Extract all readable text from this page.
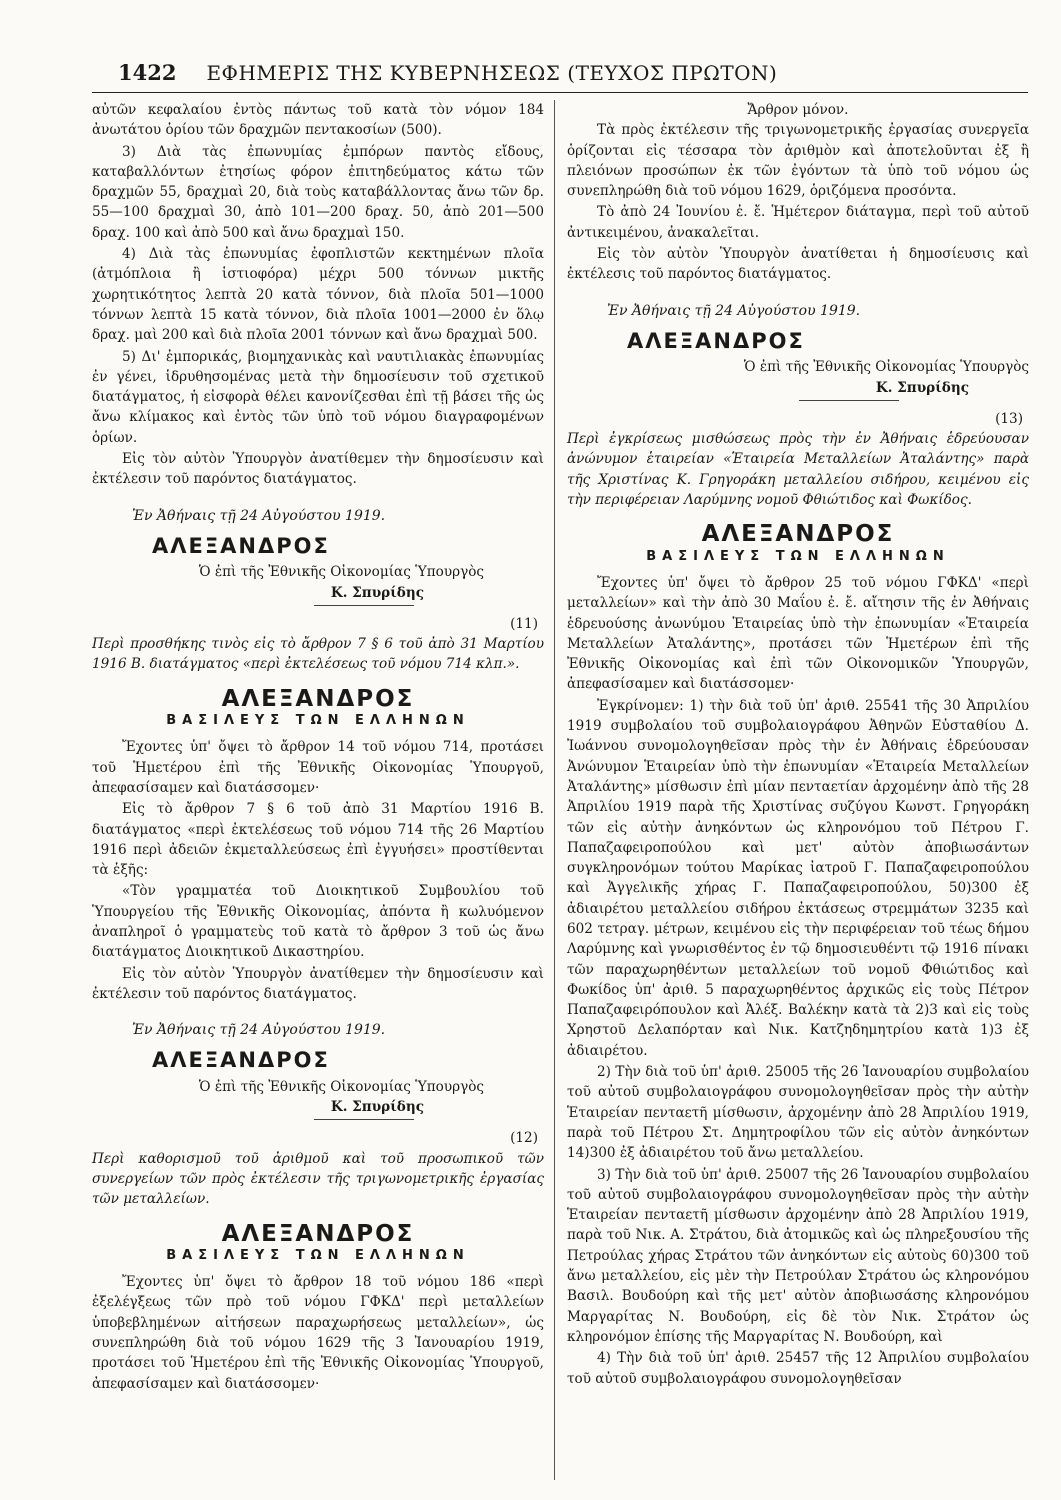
1422 ΕΦΗΜΕΡΙΣ ΤΗΣ ΚΥΒΕΡΝΗΣΕΩΣ (ΤΕΥΧΟΣ ΠΡΩΤΟΝ)

αὐτῶν κεφαλαίου ἐντὸς πάντως τοῦ κατὰ τὸν νόμον 184 ἀνωτάτου ὁρίου τῶν δραχμῶν πεντακοσίων (500).

3) Διὰ τὰς ἐπωνυμίας ἐμπόρων παντὸς εἴδους, καταβαλλόντων ἐτησίως φόρον ἐπιτηδεύματος κάτω τῶν δραχμῶν 55, δραχμαὶ 20, διὰ τοὺς καταβάλλοντας ἄνω τῶν δρ. 55—100 δραχμαὶ 30, ἀπὸ 101—200 δραχ. 50, ἀπὸ 201—500 δραχ. 100 καὶ ἀπὸ 500 καὶ ἄνω δραχμαὶ 150.

4) Διὰ τὰς ἐπωνυμίας ἐφοπλιστῶν κεκτημένων πλοῖα (ἀτμόπλοια ἢ ἱστιοφόρα) μέχρι 500 τόννων μικτῆς χωρητικότητος λεπτὰ 20 κατὰ τόννον, διὰ πλοῖα 501—1000 τόννων λεπτὰ 15 κατὰ τόννον, διὰ πλοῖα 1001—2000 ἐν ὅλῳ δραχ. μαὶ 200 καὶ διὰ πλοῖα 2001 τόννων καὶ ἄνω δραχμαὶ 500.

5) Δι' ἐμπορικάς, βιομηχανικὰς καὶ ναυτιλιακὰς ἐπωνυμίας ἐν γένει, ἱδρυθησομένας μετὰ τὴν δημοσίευσιν τοῦ σχετικοῦ διατάγματος, ἡ εἰσφορὰ θέλει κανονίζεσθαι ἐπὶ τῇ βάσει τῆς ὡς ἄνω κλίμακος καὶ ἐντὸς τῶν ὑπὸ τοῦ νόμου διαγραφομένων ὁρίων.

Εἰς τὸν αὐτὸν Ὑπουργὸν ἀνατίθεμεν τὴν δημοσίευσιν καὶ ἐκτέλεσιν τοῦ παρόντος διατάγματος.

Ἐν Ἀθήναις τῇ 24 Αὐγούστου 1919.
ΑΛΕΞΑΝΔΡΟΣ
Ὁ ἐπὶ τῆς Ἐθνικῆς Οἰκονομίας Ὑπουργὸς
Κ. Σπυρίδης
(11)

Περὶ προσθήκης τινὸς εἰς τὸ ἄρθρον 7 § 6 τοῦ ἀπὸ 31 Μαρτίου 1916 Β. διατάγματος «περὶ ἐκτελέσεως τοῦ νόμου 714 κλπ.».

ΑΛΕΞΑΝΔΡΟΣ
ΒΑΣΙΛΕΥΣ ΤΩΝ ΕΛΛΗΝΩΝ

Ἔχοντες ὑπ' ὄψει τὸ ἄρθρον 14 τοῦ νόμου 714, προτάσει τοῦ Ἡμετέρου ἐπὶ τῆς Ἐθνικῆς Οἰκονομίας Ὑπουργοῦ, ἀπεφασίσαμεν καὶ διατάσσομεν·

Εἰς τὸ ἄρθρον 7 § 6 τοῦ ἀπὸ 31 Μαρτίου 1916 Β. διατάγματος «περὶ ἐκτελέσεως τοῦ νόμου 714 τῆς 26 Μαρτίου 1916 περὶ ἀδειῶν ἐκμεταλλεύσεως ἐπὶ ἐγγυήσει» προστίθενται τὰ ἑξῆς:

«Τὸν γραμματέα τοῦ Διοικητικοῦ Συμβουλίου τοῦ Ὑπουργείου τῆς Ἐθνικῆς Οἰκονομίας, ἀπόντα ἢ κωλυόμενον ἀναπληροῖ ὁ γραμματεὺς τοῦ κατὰ τὸ ἄρθρον 3 τοῦ ὡς ἄνω διατάγματος Διοικητικοῦ Δικαστηρίου.

Εἰς τὸν αὐτὸν Ὑπουργὸν ἀνατίθεμεν τὴν δημοσίευσιν καὶ ἐκτέλεσιν τοῦ παρόντος διατάγματος.

Ἐν Ἀθήναις τῇ 24 Αὐγούστου 1919.
ΑΛΕΞΑΝΔΡΟΣ
Ὁ ἐπὶ τῆς Ἐθνικῆς Οἰκονομίας Ὑπουργὸς
Κ. Σπυρίδης
(12)

Περὶ καθορισμοῦ τοῦ ἀριθμοῦ καὶ τοῦ προσωπικοῦ τῶν συνεργείων τῶν πρὸς ἐκτέλεσιν τῆς τριγωνομετρικῆς ἐργασίας τῶν μεταλλείων.

ΑΛΕΞΑΝΔΡΟΣ
ΒΑΣΙΛΕΥΣ ΤΩΝ ΕΛΛΗΝΩΝ

Ἔχοντες ὑπ' ὄψει τὸ ἄρθρον 18 τοῦ νόμου 186 «περὶ ἐξελέγξεως τῶν πρὸ τοῦ νόμου ΓΦΚΔ' περὶ μεταλλείων ὑποβεβλημένων αἰτήσεων παραχωρήσεως μεταλλείων», ὡς συνεπληρώθη διὰ τοῦ νόμου 1629 τῆς 3 Ἰανουαρίου 1919, προτάσει τοῦ Ἡμετέρου ἐπὶ τῆς Ἐθνικῆς Οἰκονομίας Ὑπουργοῦ, ἀπεφασίσαμεν καὶ διατάσσομεν·

Ἄρθρον μόνον.

Τὰ πρὸς ἐκτέλεσιν τῆς τριγωνομετρικῆς ἐργασίας συνεργεῖα ὁρίζονται εἰς τέσσαρα τὸν ἀριθμὸν καὶ ἀποτελοῦνται ἐξ ἢ πλειόνων προσώπων ἐκ τῶν ἐγόντων τὰ ὑπὸ τοῦ νόμου ὡς συνεπληρώθη διὰ τοῦ νόμου 1629, ὁριζόμενα προσόντα.

Τὸ ἀπὸ 24 Ἰουνίου ἐ. ἔ. Ἡμέτερον διάταγμα, περὶ τοῦ αὐτοῦ ἀντικειμένου, ἀνακαλεῖται.

Εἰς τὸν αὐτὸν Ὑπουργὸν ἀνατίθεται ἡ δημοσίευσις καὶ ἐκτέλεσις τοῦ παρόντος διατάγματος.

Ἐν Ἀθήναις τῇ 24 Αὐγούστου 1919.
ΑΛΕΞΑΝΔΡΟΣ
Ὁ ἐπὶ τῆς Ἐθνικῆς Οἰκονομίας Ὑπουργὸς
Κ. Σπυρίδης
(13)

Περὶ ἐγκρίσεως μισθώσεως πρὸς τὴν ἐν Ἀθήναις ἑδρεύουσαν ἀνώνυμον ἑταιρείαν «Ἑταιρεία Μεταλλείων Ἀταλάντης» παρὰ τῆς Χριστίνας Κ. Γρηγοράκη μεταλλείου σιδήρου, κειμένου εἰς τὴν περιφέρειαν Λαρύμνης νομοῦ Φθιώτιδος καὶ Φωκίδος.

ΑΛΕΞΑΝΔΡΟΣ
ΒΑΣΙΛΕΥΣ ΤΩΝ ΕΛΛΗΝΩΝ

Ἔχοντες ὑπ' ὄψει τὸ ἄρθρον 25 τοῦ νόμου ΓΦΚΔ' «περὶ μεταλλείων» καὶ τὴν ἀπὸ 30 Μαΐου ἐ. ἔ. αἴτησιν τῆς ἐν Ἀθήναις ἑδρευούσης ἀνωνύμου Ἑταιρείας ὑπὸ τὴν ἐπωνυμίαν «Ἑταιρεία Μεταλλείων Ἀταλάντης», προτάσει τῶν Ἡμετέρων ἐπὶ τῆς Ἐθνικῆς Οἰκονομίας καὶ ἐπὶ τῶν Οἰκονομικῶν Ὑπουργῶν, ἀπεφασίσαμεν καὶ διατάσσομεν·

Ἐγκρίνομεν: 1) τὴν διὰ τοῦ ὑπ' ἀριθ. 25541 τῆς 30 Ἀπριλίου 1919 συμβολαίου τοῦ συμβολαιογράφου Ἀθηνῶν Εὐσταθίου Δ. Ἰωάννου συνομολογηθεῖσαν πρὸς τὴν ἐν Ἀθήναις ἑδρεύουσαν Ἀνώνυμον Ἑταιρείαν ὑπὸ τὴν ἐπωνυμίαν «Ἑταιρεία Μεταλλείων Ἀταλάντης» μίσθωσιν ἐπὶ μίαν πενταετίαν ἀρχομένην ἀπὸ τῆς 28 Ἀπριλίου 1919 παρὰ τῆς Χριστίνας συζύγου Κωνστ. Γρηγοράκη τῶν εἰς αὐτὴν ἀνηκόντων ὡς κληρονόμου τοῦ Πέτρου Γ. Παπαζαφειροπούλου καὶ μετ' αὐτὸν ἀποβιωσάντων συγκληρονόμων τούτου Μαρίκας ἰατροῦ Γ. Παπαζαφειροπούλου καὶ Ἀγγελικῆς χήρας Γ. Παπαζαφειροπούλου, 50)300 ἐξ ἀδιαιρέτου μεταλλείου σιδήρου ἐκτάσεως στρεμμάτων 3235 καὶ 602 τετραγ. μέτρων, κειμένου εἰς τὴν περιφέρειαν τοῦ τέως δήμου Λαρύμνης καὶ γνωρισθέντος ἐν τῷ δημοσιευθέντι τῷ 1916 πίνακι τῶν παραχωρηθέντων μεταλλείων τοῦ νομοῦ Φθιώτιδος καὶ Φωκίδος ὑπ' ἀριθ. 5 παραχωρηθέντος ἀρχικῶς εἰς τοὺς Πέτρον Παπαζαφειρόπουλον καὶ Ἀλέξ. Βαλέκην κατὰ τὰ 2)3 καὶ εἰς τοὺς Χρηστοῦ Δελαπόρταν καὶ Νικ. Κατζηδημητρίου κατὰ 1)3 ἐξ ἀδιαιρέτου.

2) Τὴν διὰ τοῦ ὑπ' ἀριθ. 25005 τῆς 26 Ἰανουαρίου συμβολαίου τοῦ αὐτοῦ συμβολαιογράφου συνομολογηθεῖσαν πρὸς τὴν αὐτὴν Ἑταιρείαν πενταετῆ μίσθωσιν, ἀρχομένην ἀπὸ 28 Ἀπριλίου 1919, παρὰ τοῦ Πέτρου Στ. Δημητροφίλου τῶν εἰς αὐτὸν ἀνηκόντων 14)300 ἐξ ἀδιαιρέτου τοῦ ἄνω μεταλλείου.

3) Τὴν διὰ τοῦ ὑπ' ἀριθ. 25007 τῆς 26 Ἰανουαρίου συμβολαίου τοῦ αὐτοῦ συμβολαιογράφου συνομολογηθεῖσαν πρὸς τὴν αὐτὴν Ἑταιρείαν πενταετῆ μίσθωσιν ἀρχομένην ἀπὸ 28 Ἀπριλίου 1919, παρὰ τοῦ Νικ. Α. Στράτου, διὰ ἀτομικῶς καὶ ὡς πληρεξουσίου τῆς Πετρούλας χήρας Στράτου τῶν ἀνηκόντων εἰς αὐτοὺς 60)300 τοῦ ἄνω μεταλλείου, εἰς μὲν τὴν Πετρούλαν Στράτου ὡς κληρονόμου Βασιλ. Βουδούρη καὶ τῆς μετ' αὐτὸν ἀποβιωσάσης κληρονόμου Μαργαρίτας Ν. Βουδούρη, εἰς δὲ τὸν Νικ. Στράτον ὡς κληρονόμον ἐπίσης τῆς Μαργαρίτας Ν. Βουδούρη, καὶ

4) Τὴν διὰ τοῦ ὑπ' ἀριθ. 25457 τῆς 12 Ἀπριλίου συμβολαίου τοῦ αὐτοῦ συμβολαιογράφου συνομολογηθεῖσαν
